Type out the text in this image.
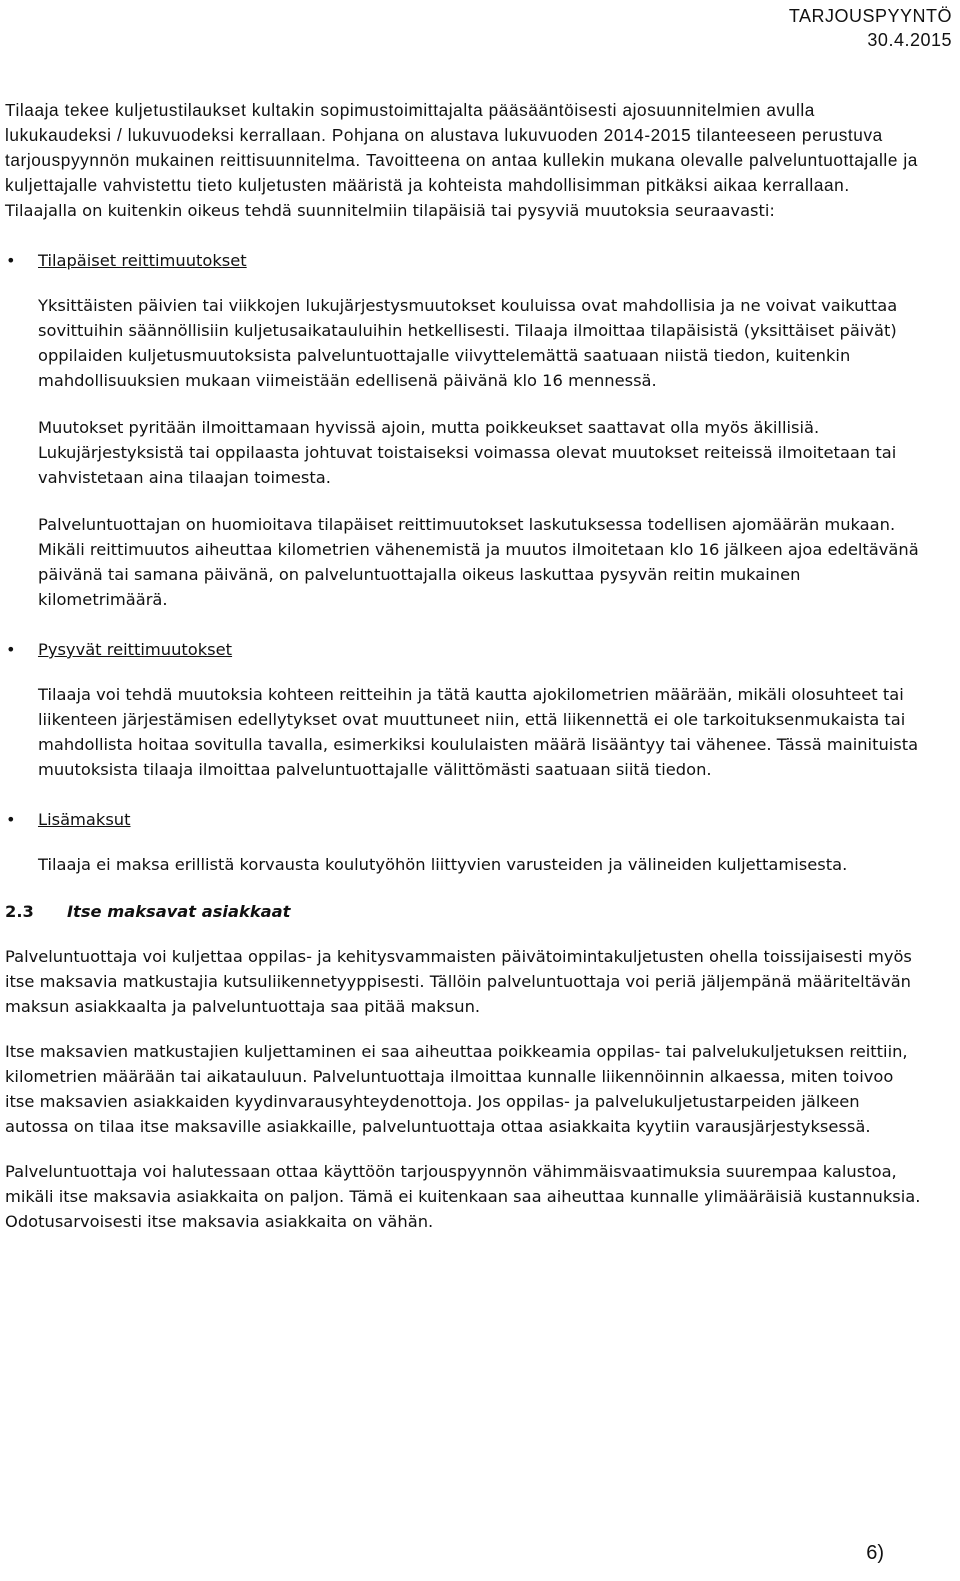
TARJOUSPYYNTÖ
30.4.2015

Tilaaja tekee kuljetustilaukset kultakin sopimustoimittajalta pääsääntöisesti ajosuunnitelmien avulla lukukaudeksi / lukuvuodeksi kerrallaan. Pohjana on alustava lukuvuoden 2014-2015 tilanteeseen perustuva tarjouspyynnön mukainen reittisuunnitelma. Tavoitteena on antaa kullekin mukana olevalle palveluntuottajalle ja kuljettajalle vahvistettu tieto kuljetusten määristä ja kohteista mahdollisimman pitkäksi aikaa kerrallaan. Tilaajalla on kuitenkin oikeus tehdä suunnitelmiin tilapäisiä tai pysyviä muutoksia seuraavasti:

• Tilapäiset reittimuutokset

Yksittäisten päivien tai viikkojen lukujärjestysmuutokset kouluissa ovat mahdollisia ja ne voivat vaikuttaa sovittuihin säännöllisiin kuljetusaikatauluihin hetkellisesti. Tilaaja ilmoittaa tilapäisistä (yksittäiset päivät) oppilaiden kuljetusmuutoksista palveluntuottajalle viivyttelemättä saatuaan niistä tiedon, kuitenkin mahdollisuuksien mukaan viimeistään edellisenä päivänä klo 16 mennessä.

Muutokset pyritään ilmoittamaan hyvissä ajoin, mutta poikkeukset saattavat olla myös äkillisiä. Lukujärjestyksistä tai oppilaasta johtuvat toistaiseksi voimassa olevat muutokset reiteissä ilmoitetaan tai vahvistetaan aina tilaajan toimesta.

Palveluntuottajan on huomioitava tilapäiset reittimuutokset laskutuksessa todellisen ajomäärän mukaan. Mikäli reittimuutos aiheuttaa kilometrien vähenemistä ja muutos ilmoitetaan klo 16 jälkeen ajoa edeltävänä päivänä tai samana päivänä, on palveluntuottajalla oikeus laskuttaa pysyvän reitin mukainen kilometrimäärä.

• Pysyvät reittimuutokset

Tilaaja voi tehdä muutoksia kohteen reitteihin ja tätä kautta ajokilometrien määrään, mikäli olosuhteet tai liikenteen järjestämisen edellytykset ovat muuttuneet niin, että liikennettä ei ole tarkoituksenmukaista tai mahdollista hoitaa sovitulla tavalla, esimerkiksi koululaisten määrä lisääntyy tai vähenee. Tässä mainituista muutoksista tilaaja ilmoittaa palveluntuottajalle välittömästi saatuaan siitä tiedon.

• Lisämaksut

Tilaaja ei maksa erillistä korvausta koulutyöhön liittyvien varusteiden ja välineiden kuljettamisesta.

2.3 Itse maksavat asiakkaat

Palveluntuottaja voi kuljettaa oppilas- ja kehitysvammaisten päivätoimintakuljetusten ohella toissijaisesti myös itse maksavia matkustajia kutsuliikennetyyppisesti. Tällöin palveluntuottaja voi periä jäljempänä määriteltävän maksun asiakkaalta ja palveluntuottaja saa pitää maksun.

Itse maksavien matkustajien kuljettaminen ei saa aiheuttaa poikkeamia oppilas- tai palvelukuljetuksen reittiin, kilometrien määrään tai aikatauluun. Palveluntuottaja ilmoittaa kunnalle liikennöinnin alkaessa, miten toivoo itse maksavien asiakkaiden kyydinvarausyhteydenottoja. Jos oppilas- ja palvelukuljetustarpeiden jälkeen autossa on tilaa itse maksaville asiakkaille, palveluntuottaja ottaa asiakkaita kyytiin varausjärjestyksessä.

Palveluntuottaja voi halutessaan ottaa käyttöön tarjouspyynnön vähimmäisvaatimuksia suurempaa kalustoa, mikäli itse maksavia asiakkaita on paljon. Tämä ei kuitenkaan saa aiheuttaa kunnalle ylimääräisiä kustannuksia. Odotusarvoisesti itse maksavia asiakkaita on vähän.

6)
